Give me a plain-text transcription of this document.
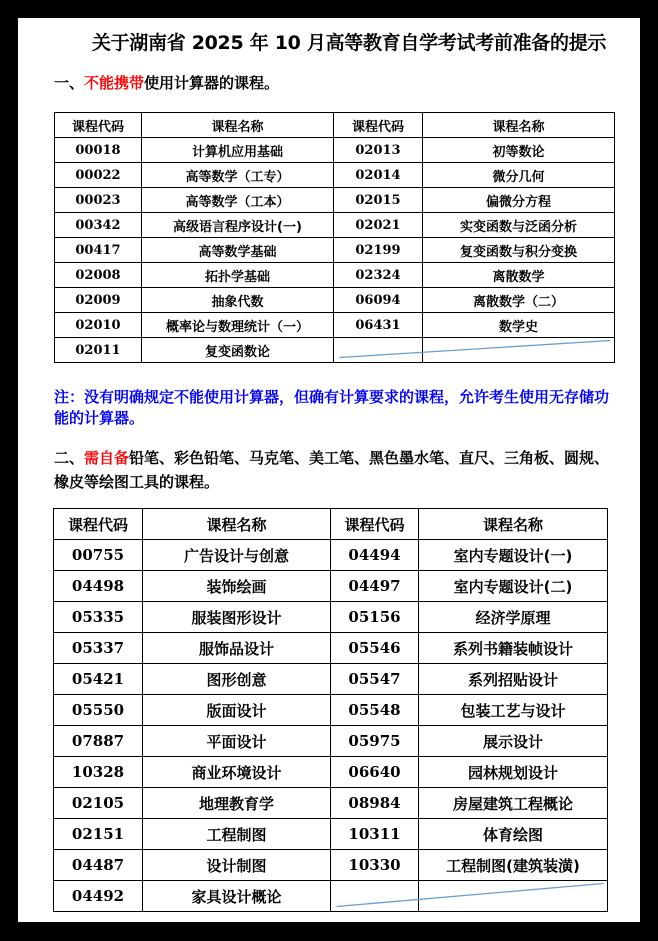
关于湖南省 2025 年 10 月高等教育自学考试考前准备的提示
一、不能携带使用计算器的课程。
课程代码	课程名称	课程代码	课程名称
00018	计算机应用基础	02013	初等数论
00022	高等数学（工专）	02014	微分几何
00023	高等数学（工本）	02015	偏微分方程
00342	高级语言程序设计(一)	02021	实变函数与泛函分析
00417	高等数学基础	02199	复变函数与积分变换
02008	拓扑学基础	02324	离散数学
02009	抽象代数	06094	离散数学（二）
02010	概率论与数理统计（一）	06431	数学史
02011	复变函数论		
注：没有明确规定不能使用计算器，但确有计算要求的课程，允许考生使用无存储功能的计算器。
二、需自备铅笔、彩色铅笔、马克笔、美工笔、黑色墨水笔、直尺、三角板、圆规、橡皮等绘图工具的课程。
课程代码	课程名称	课程代码	课程名称
00755	广告设计与创意	04494	室内专题设计(一)
04498	装饰绘画	04497	室内专题设计(二)
05335	服装图形设计	05156	经济学原理
05337	服饰品设计	05546	系列书籍装帧设计
05421	图形创意	05547	系列招贴设计
05550	版面设计	05548	包装工艺与设计
07887	平面设计	05975	展示设计
10328	商业环境设计	06640	园林规划设计
02105	地理教育学	08984	房屋建筑工程概论
02151	工程制图	10311	体育绘图
04487	设计制图	10330	工程制图(建筑装潢)
04492	家具设计概论		
